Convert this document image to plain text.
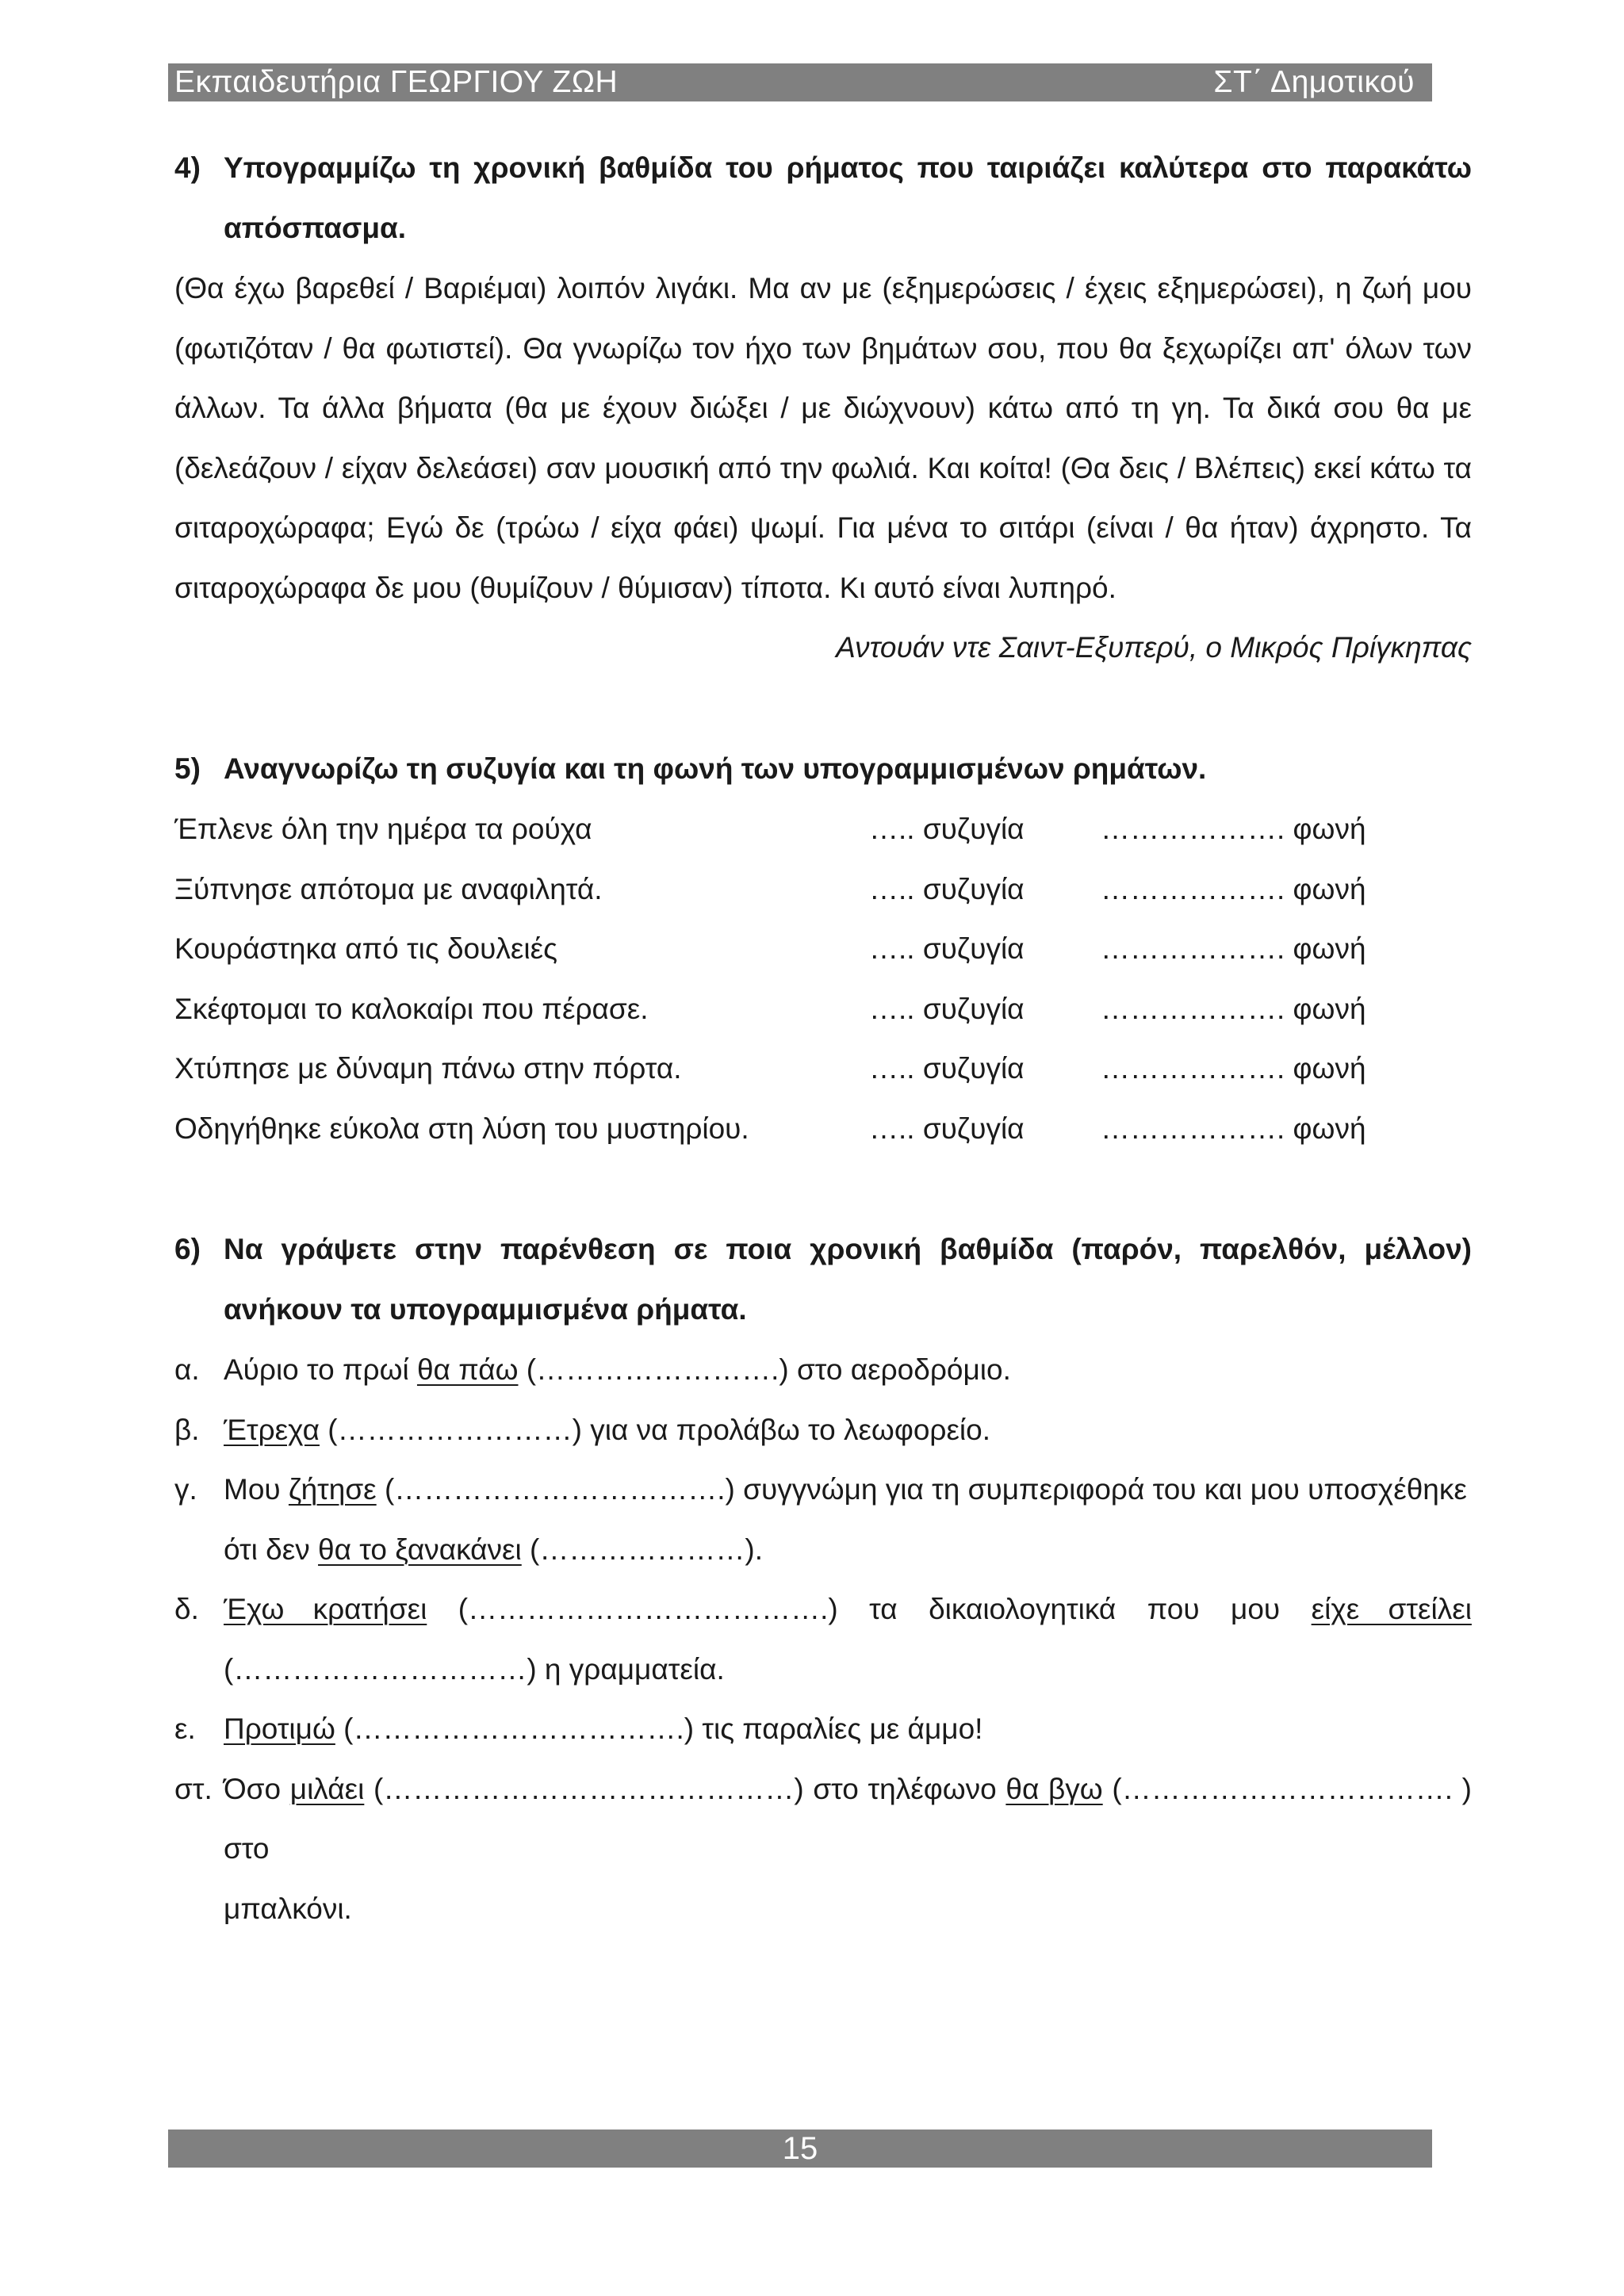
Εκπαιδευτήρια ΓΕΩΡΓΙΟΥ ΖΩΗ	ΣΤ΄ Δημοτικού
4) Υπογραμμίζω τη χρονική βαθμίδα του ρήματος που ταιριάζει καλύτερα στο παρακάτω
απόσπασμα.
(Θα έχω βαρεθεί / Βαριέμαι) λοιπόν λιγάκι. Μα αν με (εξημερώσεις / έχεις εξημερώσει), η ζωή μου (φωτιζόταν / θα φωτιστεί). Θα γνωρίζω τον ήχο των βημάτων σου, που θα ξεχωρίζει απ' όλων των άλλων. Τα άλλα βήματα (θα με έχουν διώξει / με διώχνουν) κάτω από τη γη. Τα δικά σου θα με (δελεάζουν / είχαν δελεάσει) σαν μουσική από την φωλιά. Και κοίτα! (Θα δεις / Βλέπεις) εκεί κάτω τα σιταροχώραφα; Εγώ δε (τρώω / είχα φάει) ψωμί. Για μένα το σιτάρι (είναι / θα ήταν) άχρηστο. Τα σιταροχώραφα δε μου (θυμίζουν / θύμισαν) τίποτα. Κι αυτό είναι λυπηρό.
Αντουάν ντε Σαιντ-Εξυπερύ, ο Μικρός Πρίγκηπας
5) Αναγνωρίζω τη συζυγία και τη φωνή των υπογραμμισμένων ρημάτων.
Έπλενε όλη την ημέρα τα ρούχα	….. συζυγία	………………. φωνή
Ξύπνησε απότομα με αναφιλητά.	….. συζυγία	………………. φωνή
Κουράστηκα από τις δουλειές	….. συζυγία	………………. φωνή
Σκέφτομαι το καλοκαίρι που πέρασε.	….. συζυγία	………………. φωνή
Χτύπησε με δύναμη πάνω στην πόρτα.	….. συζυγία	………………. φωνή
Οδηγήθηκε εύκολα στη λύση του μυστηρίου.	….. συζυγία	………………. φωνή
6) Να γράψετε στην παρένθεση σε ποια χρονική βαθμίδα (παρόν, παρελθόν, μέλλον)
ανήκουν τα υπογραμμισμένα ρήματα.
α. Αύριο το πρωί θα πάω (…………………….) στο αεροδρόμιο.
β. Έτρεχα (……………………) για να προλάβω το λεωφορείο.
γ. Μου ζήτησε (…………………………….) συγγνώμη για τη συμπεριφορά του και μου υποσχέθηκε
ότι δεν θα το ξανακάνει (…………………).
δ. Έχω κρατήσει (……………………………….) τα δικαιολογητικά που μου είχε στείλει
(…………………………) η γραμματεία.
ε. Προτιμώ (…………………………….) τις παραλίες με άμμο!
στ. Όσο μιλάει (……………………………………) στο τηλέφωνο θα βγω (……………………………. ) στο
μπαλκόνι.
15
